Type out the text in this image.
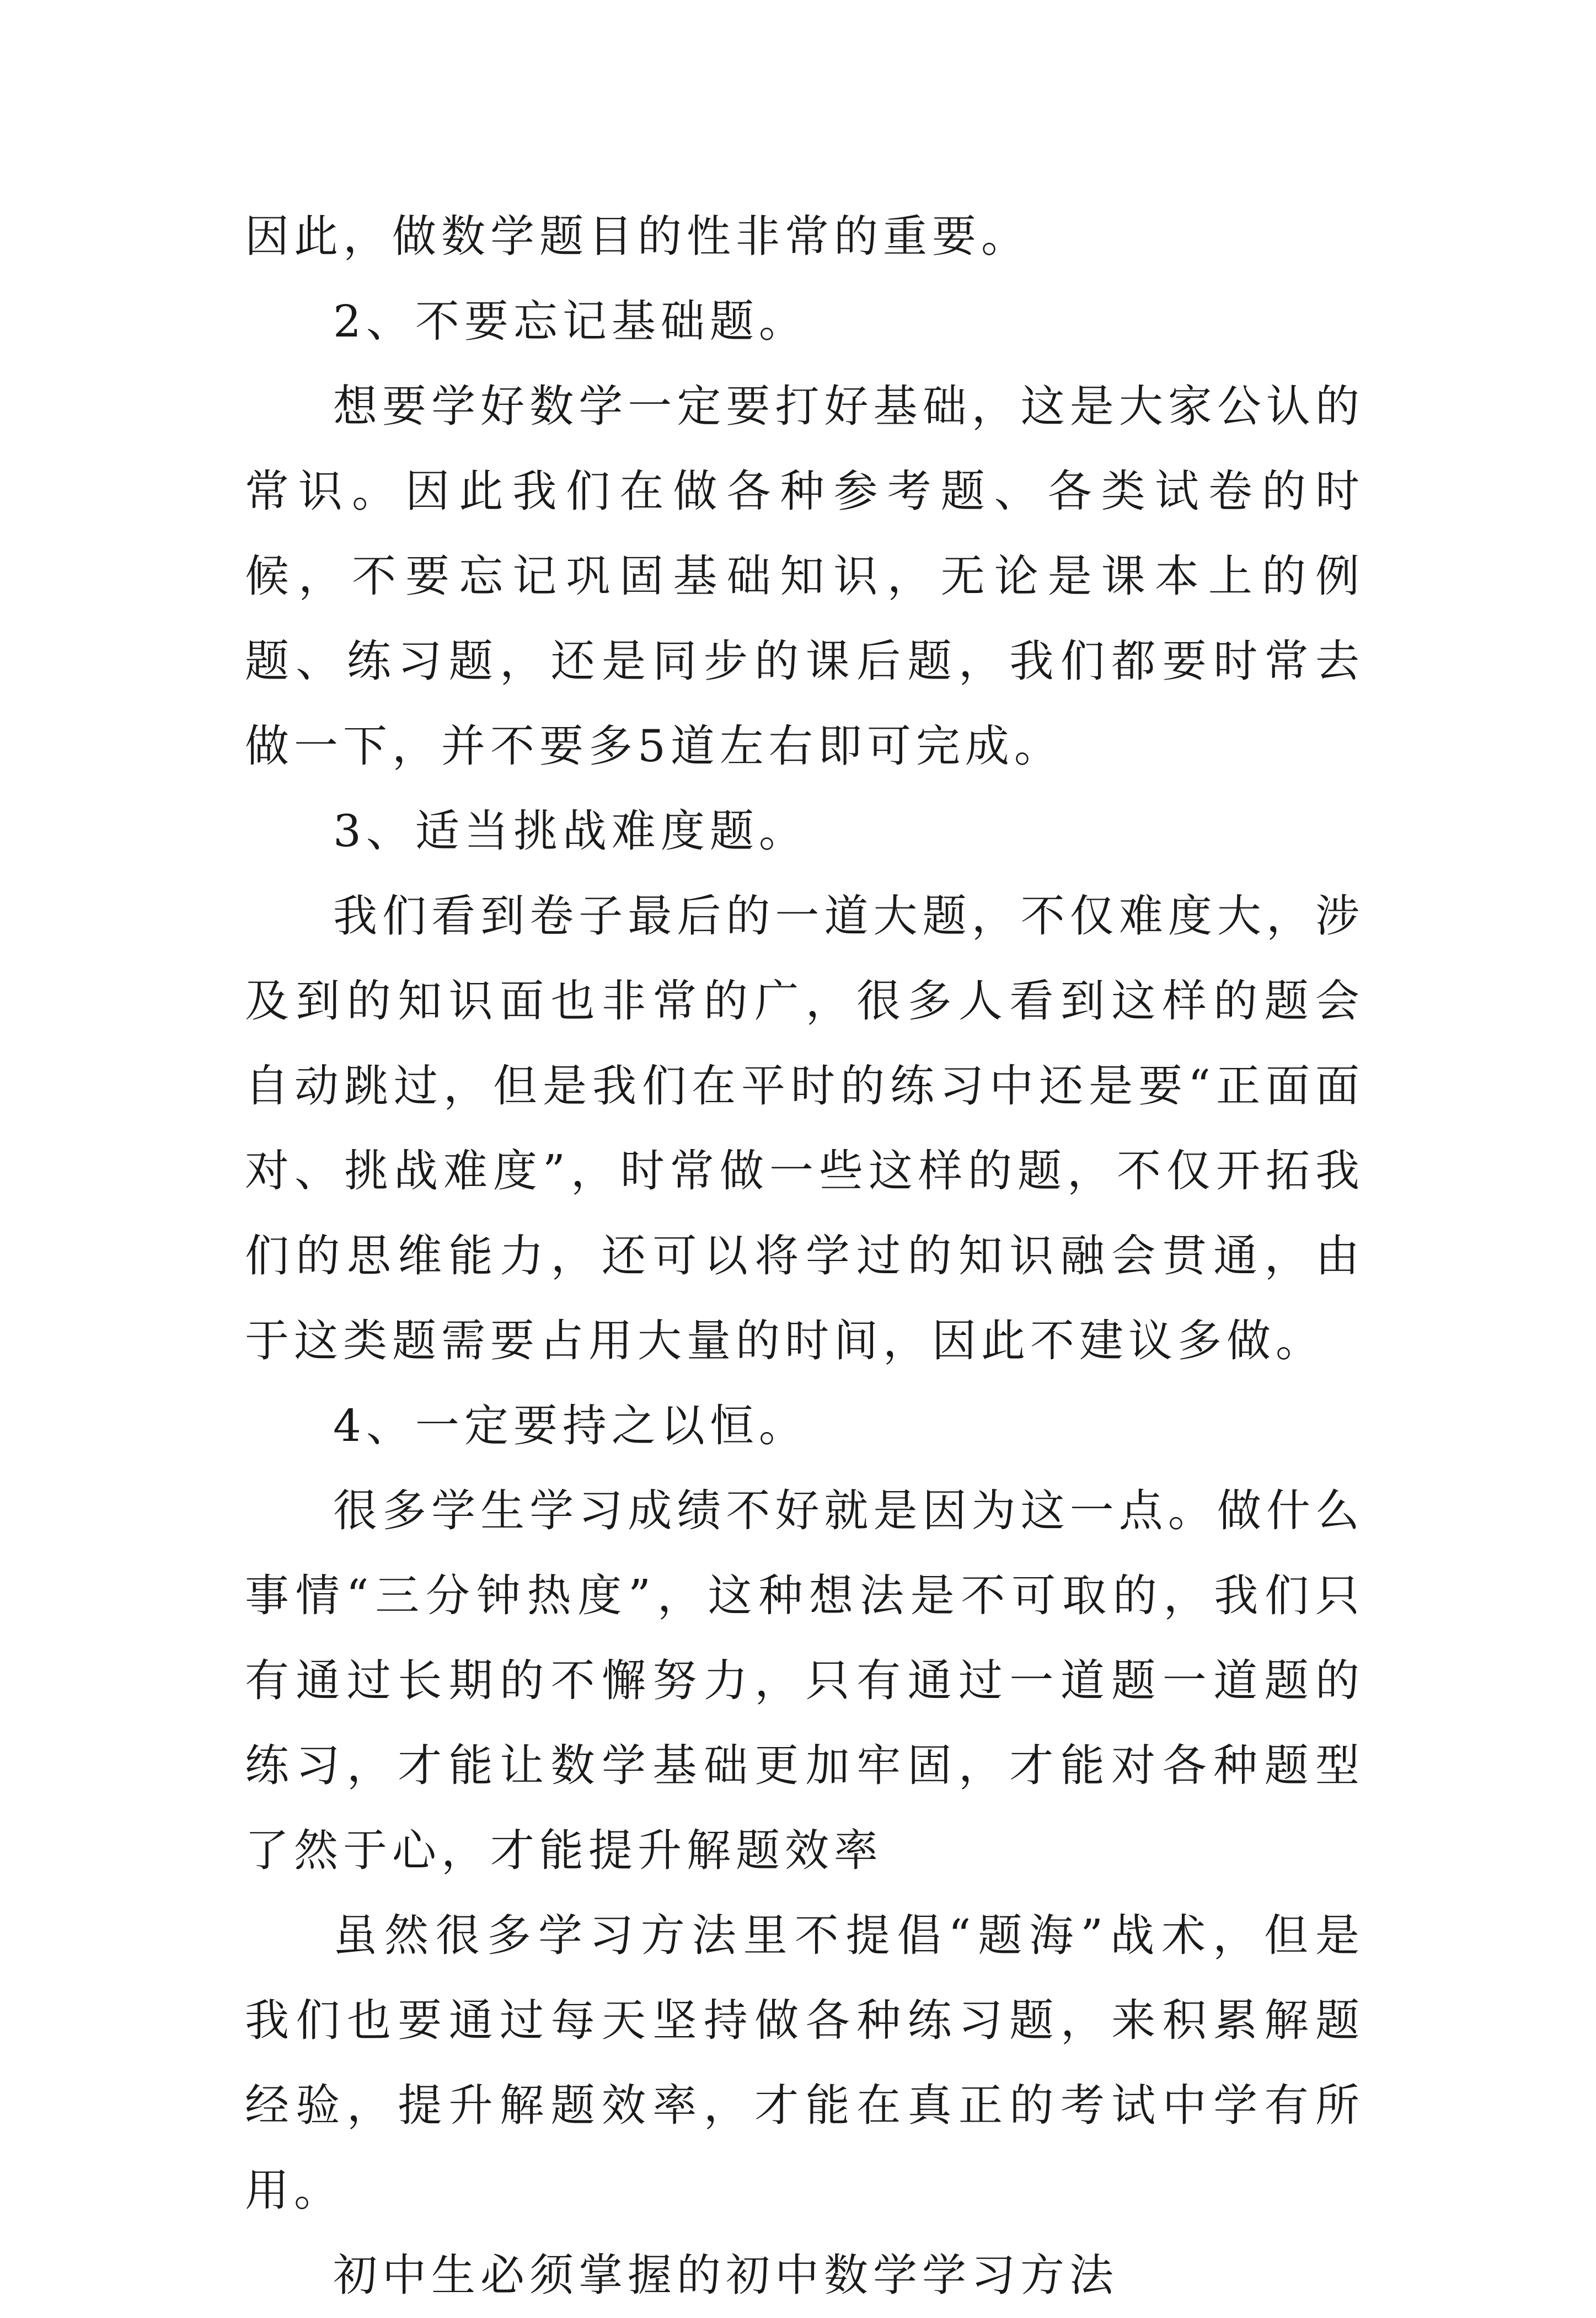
因此，做数学题目的性非常的重要。

2、不要忘记基础题。

想要学好数学一定要打好基础，这是大家公认的常识。因此我们在做各种参考题、各类试卷的时候，不要忘记巩固基础知识，无论是课本上的例题、练习题，还是同步的课后题，我们都要时常去做一下，并不要多5道左右即可完成。

3、适当挑战难度题。

我们看到卷子最后的一道大题，不仅难度大，涉及到的知识面也非常的广，很多人看到这样的题会自动跳过，但是我们在平时的练习中还是要“正面面对、挑战难度”，时常做一些这样的题，不仅开拓我们的思维能力，还可以将学过的知识融会贯通，由于这类题需要占用大量的时间，因此不建议多做。

4、一定要持之以恒。

很多学生学习成绩不好就是因为这一点。做什么事情“三分钟热度”，这种想法是不可取的，我们只有通过长期的不懈努力，只有通过一道题一道题的练习，才能让数学基础更加牢固，才能对各种题型了然于心，才能提升解题效率

虽然很多学习方法里不提倡“题海”战术，但是我们也要通过每天坚持做各种练习题，来积累解题经验，提升解题效率，才能在真正的考试中学有所用。

初中生必须掌握的初中数学学习方法
